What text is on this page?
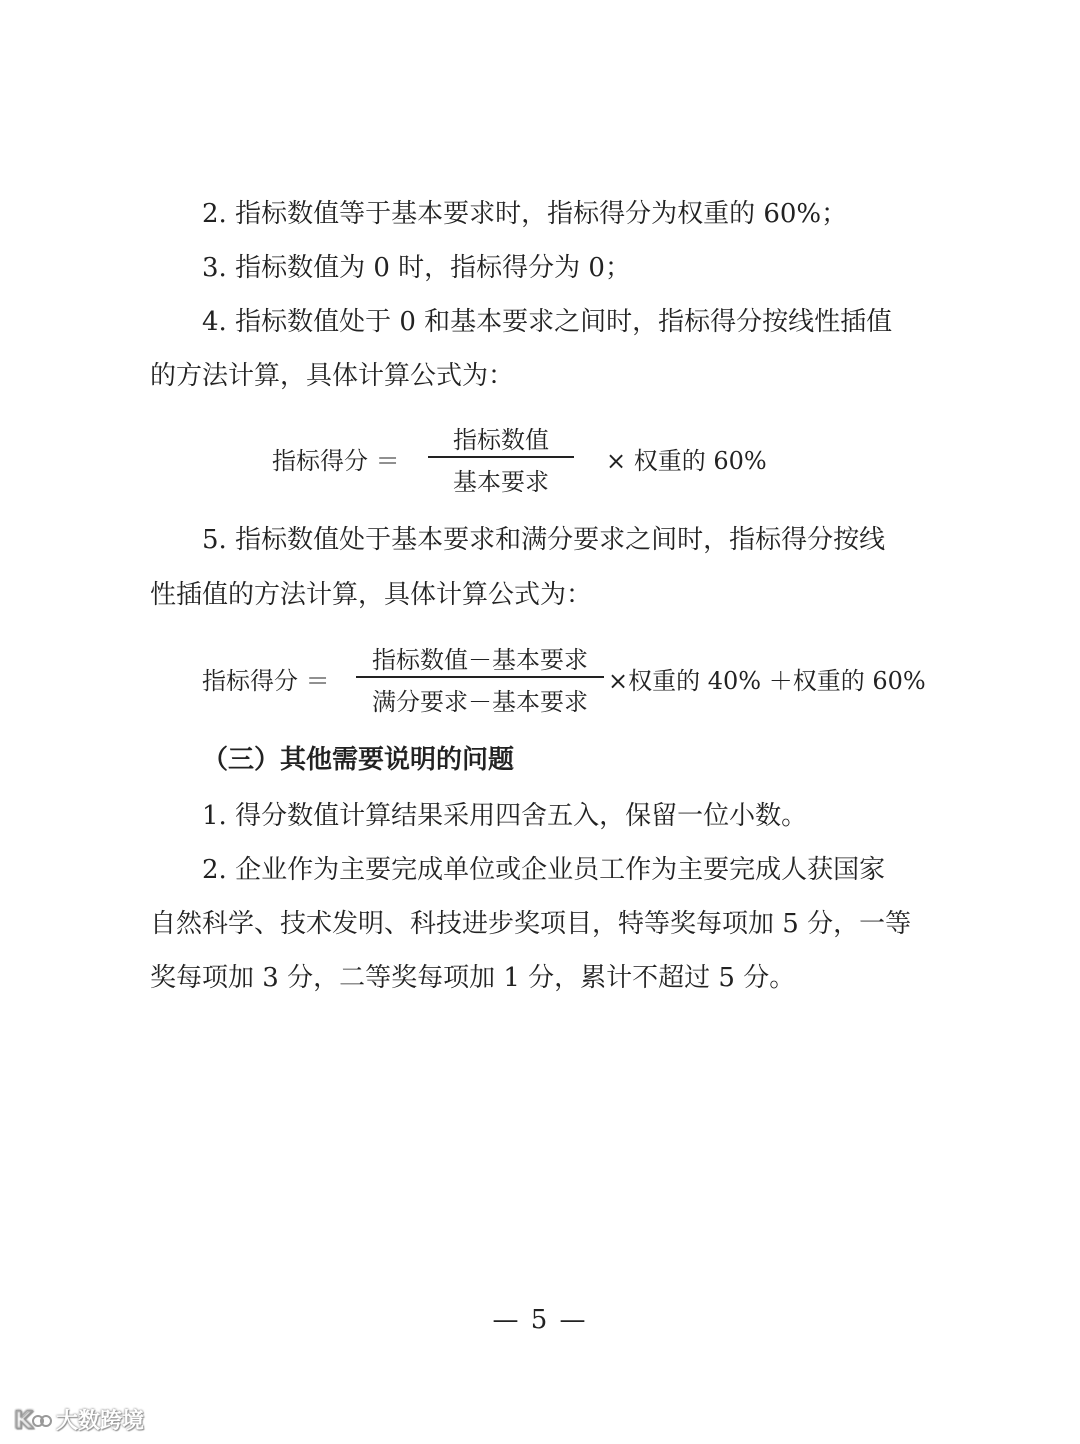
2. 指标数值等于基本要求时，指标得分为权重的 60%；
3. 指标数值为 0 时，指标得分为 0；
4. 指标数值处于 0 和基本要求之间时，指标得分按线性插值
的方法计算，具体计算公式为：
指标得分 ＝
指标数值
基本要求
× 权重的 60%
5. 指标数值处于基本要求和满分要求之间时，指标得分按线
性插值的方法计算，具体计算公式为：
指标得分 ＝
指标数值－基本要求
满分要求－基本要求
×权重的 40% ＋权重的 60%
（三）其他需要说明的问题
1. 得分数值计算结果采用四舍五入，保留一位小数。
2. 企业作为主要完成单位或企业员工作为主要完成人获国家
自然科学、技术发明、科技进步奖项目，特等奖每项加 5 分，一等
奖每项加 3 分，二等奖每项加 1 分，累计不超过 5 分。
— 5 —
K 大数跨境
